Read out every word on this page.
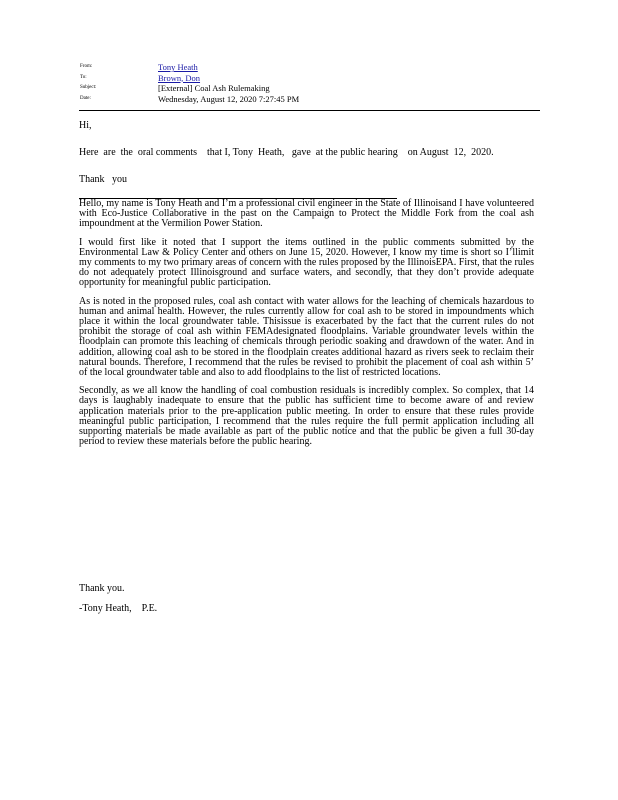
From:	Tony Heath
To:	Brown, Don
Subject:	[External] Coal Ash Rulemaking
Date:	Wednesday, August 12, 2020 7:27:45 PM
Hi,
Here  are  the  oral comments    that I, Tony  Heath,   gave  at the public hearing    on August  12,  2020.
Thank   you

Hello, my name is Tony Heath and I’m a professional civil engineer in the State of Illinoisand I have volunteered with Eco-Justice Collaborative in the past on the Campaign to Protect the Middle Fork from the coal ash impoundment at the Vermilion Power Station.

I would first like it noted that I support the items outlined in the public comments submitted by the Environmental Law & Policy Center and others on June 15, 2020. However, I know my time is short so I’llimit my comments to my two primary areas of concern with the rules proposed by the IllinoisEPA. First, that the rules do not adequately protect Illinoisground and surface waters, and secondly, that they don’t provide adequate opportunity for meaningful public participation.

As is noted in the proposed rules, coal ash contact with water allows for the leaching of chemicals hazardous to human and animal health. However, the rules currently allow for coal ash to be stored in impoundments which place it within the local groundwater table. Thisissue is exacerbated by the fact that the current rules do not prohibit the storage of coal ash within FEMAdesignated floodplains. Variable groundwater levels within the floodplain can promote this leaching of chemicals through periodic soaking and drawdown of the water. And in addition, allowing coal ash to be stored in the floodplain creates additional hazard as rivers seek to reclaim their natural bounds. Therefore, I recommend that the rules be revised to prohibit the placement of coal ash within 5’ of the local groundwater table and also to add floodplains to the list of restricted locations.

Secondly, as we all know the handling of coal combustion residuals is incredibly complex. So complex, that 14 days is laughably inadequate to ensure that the public has sufficient time to become aware of and review application materials prior to the pre-application public meeting. In order to ensure that these rules provide meaningful public participation, I recommend that the rules require the full permit application including all supporting materials be made available as part of the public notice and that the public be given a full 30-day period to review these materials before the public hearing.

Thank you.
-Tony Heath,    P.E.
